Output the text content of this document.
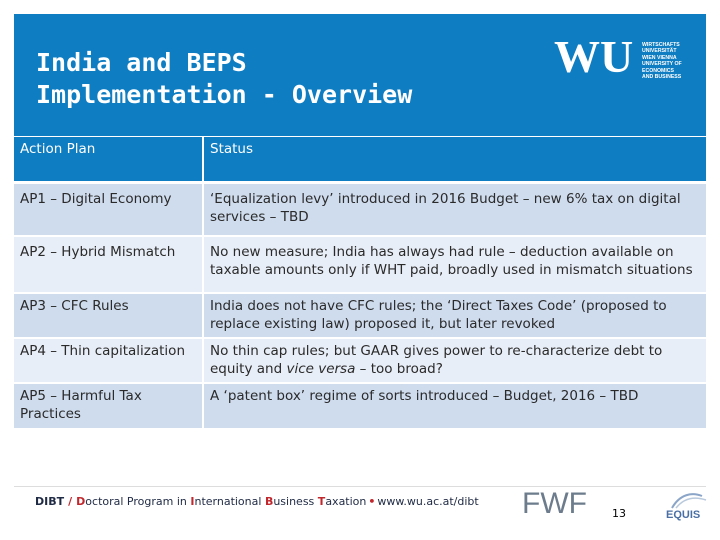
India and BEPS
Implementation - Overview
WU WIRTSCHAFTS
UNIVERSITÄT
WIEN VIENNA
UNIVERSITY OF
ECONOMICS
AND BUSINESS
Action Plan	Status
AP1 – Digital Economy	‘Equalization levy’ introduced in 2016 Budget – new 6% tax on digital services – TBD
AP2 – Hybrid Mismatch	No new measure; India has always had rule – deduction available on taxable amounts only if WHT paid, broadly used in mismatch situations
AP3 – CFC Rules	India does not have CFC rules; the ‘Direct Taxes Code’ (proposed to replace existing law) proposed it, but later revoked
AP4 – Thin capitalization	No thin cap rules; but GAAR gives power to re-characterize debt to equity and vice versa – too broad?
AP5 – Harmful Tax Practices	A ‘patent box’ regime of sorts introduced – Budget, 2016 – TBD
DIBT / Doctoral Program in International Business Taxation • www.wu.ac.at/dibt FWF 13	EQUIS
